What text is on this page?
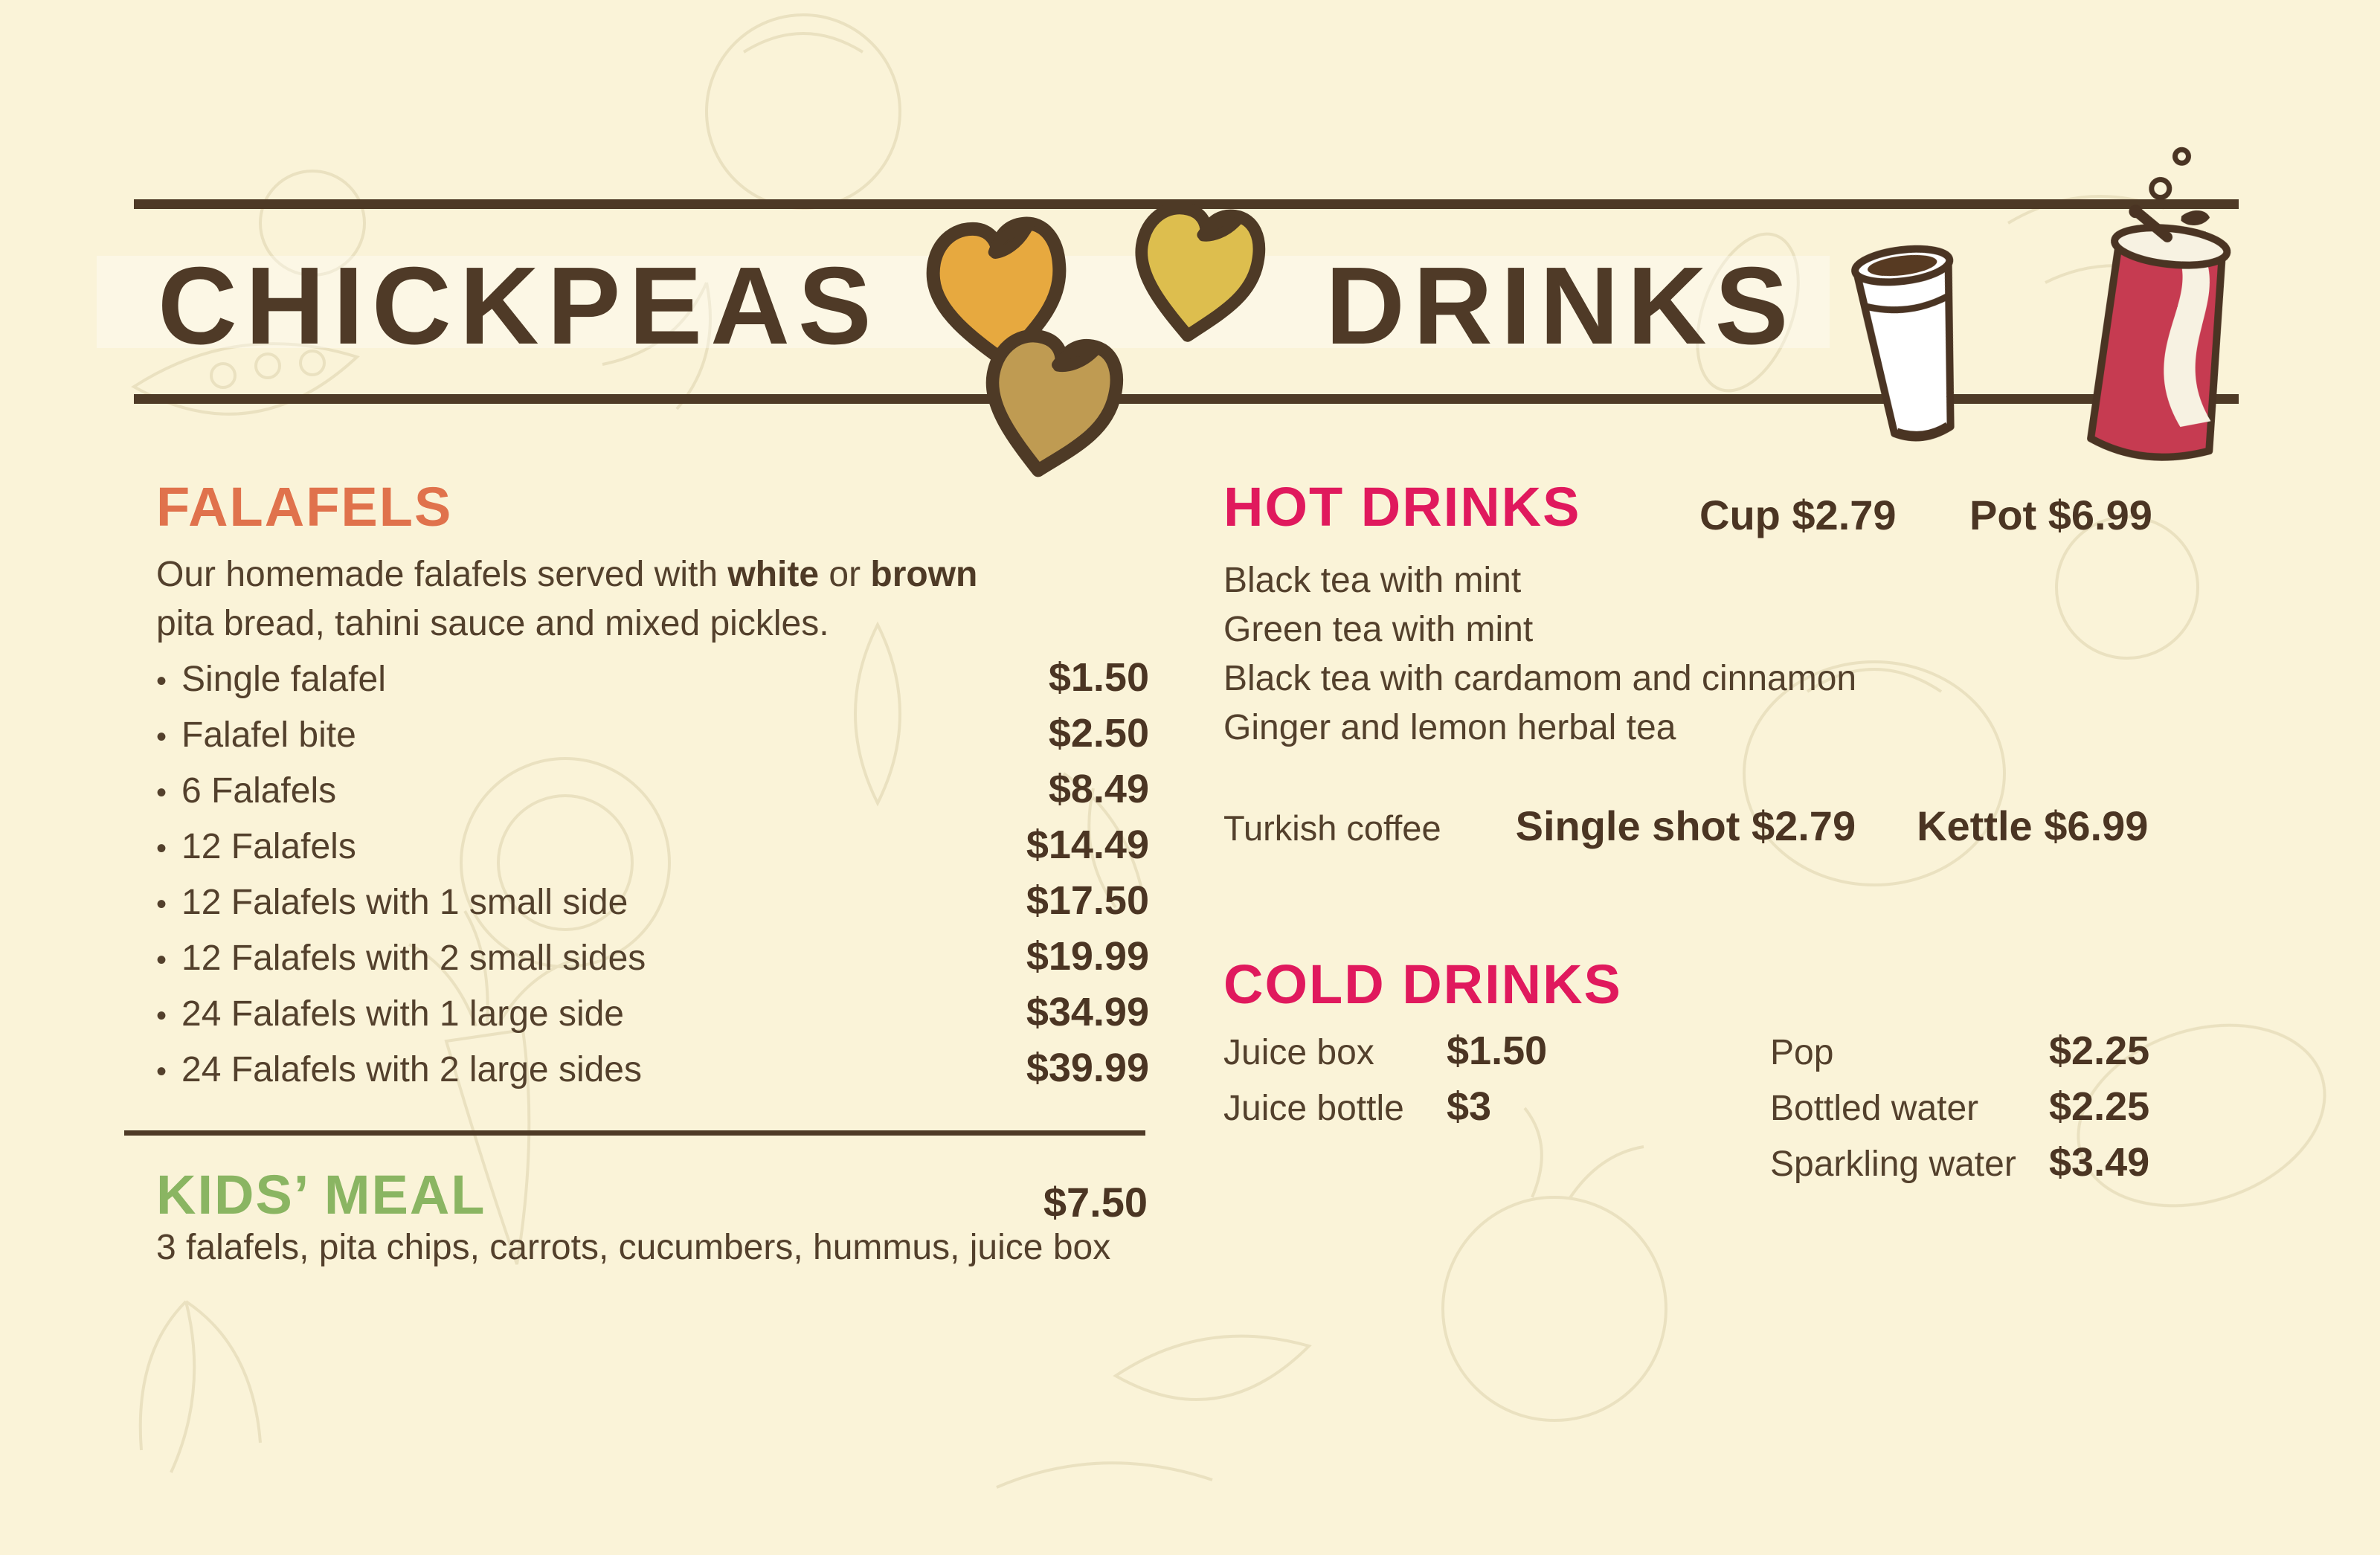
CHICKPEAS	DRINKS
FALAFELS

Our homemade falafels served with white or brown
pita bread, tahini sauce and mixed pickles.

• Single falafel	$1.50
• Falafel bite	$2.50
• 6 Falafels	$8.49
• 12 Falafels	$14.49
• 12 Falafels with 1 small side	$17.50
• 12 Falafels with 2 small sides	$19.99
• 24 Falafels with 1 large side	$34.99
• 24 Falafels with 2 large sides	$39.99
KIDS’ MEAL	$7.50

3 falafels, pita chips, carrots, cucumbers, hummus, juice box

HOT DRINKS	Cup $2.79 Pot $6.99

Black tea with mint

Green tea with mint

Black tea with cardamom and cinnamon

Ginger and lemon herbal tea

Turkish coffee Single shot $2.79 Kettle $6.99
COLD DRINKS
Juice box	$1.50
Juice bottle	$3
Pop	$2.25
Bottled water	$2.25
Sparkling water $3.49
